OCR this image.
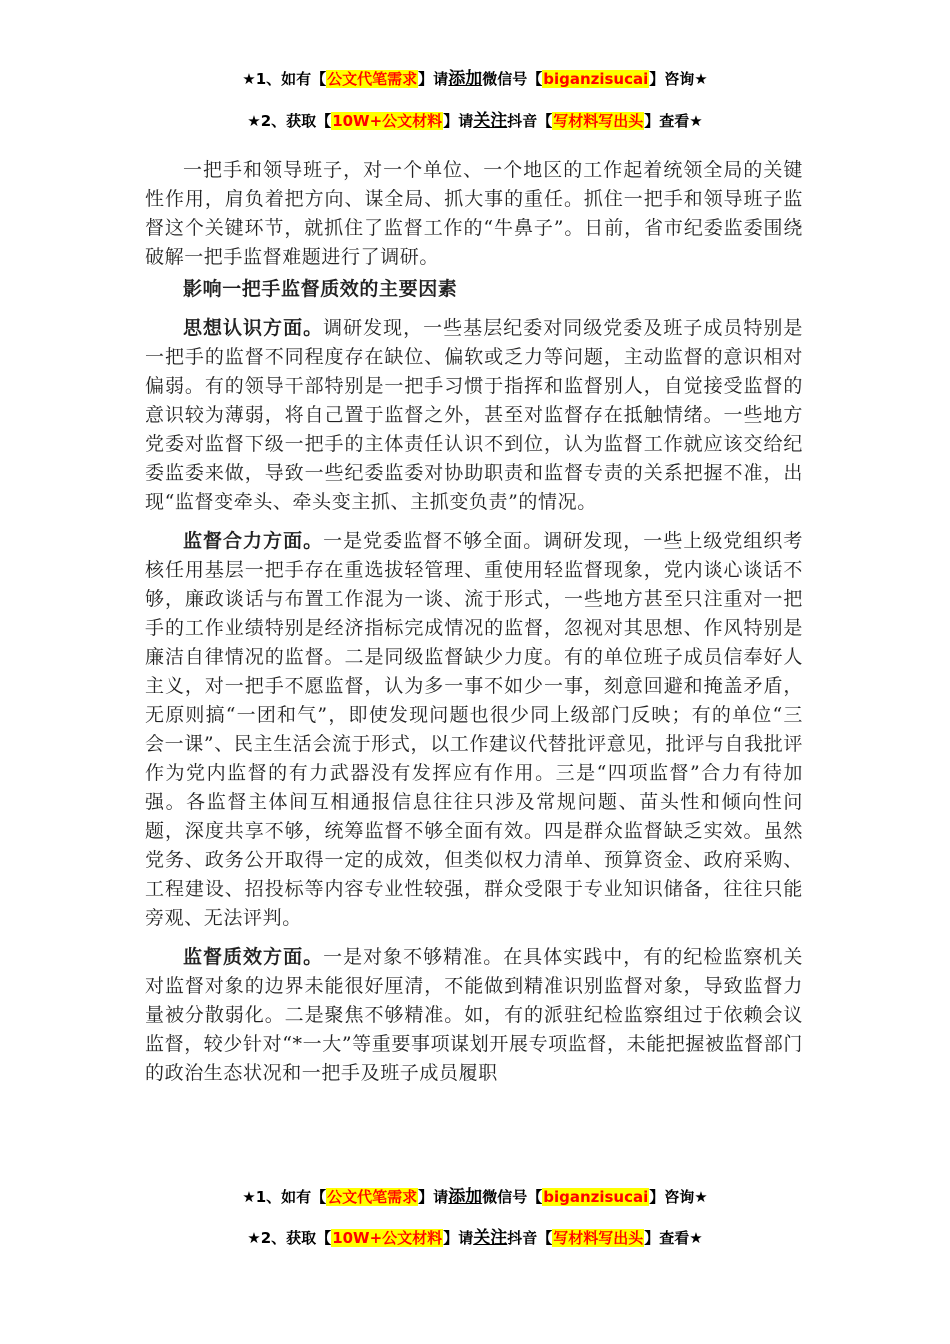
★1、如有【公文代笔需求】请添加微信号【biganzisucai】咨询★
★2、获取【10W+公文材料】请关注抖音【写材料写出头】查看★

一把手和领导班子，对一个单位、一个地区的工作起着统领全局的关键性作用，肩负着把方向、谋全局、抓大事的重任。抓住一把手和领导班子监督这个关键环节，就抓住了监督工作的“牛鼻子”。日前，省市纪委监委围绕破解一把手监督难题进行了调研。

影响一把手监督质效的主要因素

思想认识方面。调研发现，一些基层纪委对同级党委及班子成员特别是一把手的监督不同程度存在缺位、偏软或乏力等问题，主动监督的意识相对偏弱。有的领导干部特别是一把手习惯于指挥和监督别人，自觉接受监督的意识较为薄弱，将自己置于监督之外，甚至对监督存在抵触情绪。一些地方党委对监督下级一把手的主体责任认识不到位，认为监督工作就应该交给纪委监委来做，导致一些纪委监委对协助职责和监督专责的关系把握不准，出现“监督变牵头、牵头变主抓、主抓变负责”的情况。

监督合力方面。一是党委监督不够全面。调研发现，一些上级党组织考核任用基层一把手存在重选拔轻管理、重使用轻监督现象，党内谈心谈话不够，廉政谈话与布置工作混为一谈、流于形式，一些地方甚至只注重对一把手的工作业绩特别是经济指标完成情况的监督，忽视对其思想、作风特别是廉洁自律情况的监督。二是同级监督缺少力度。有的单位班子成员信奉好人主义，对一把手不愿监督，认为多一事不如少一事，刻意回避和掩盖矛盾，无原则搞“一团和气”，即使发现问题也很少同上级部门反映；有的单位“三会一课”、民主生活会流于形式，以工作建议代替批评意见，批评与自我批评作为党内监督的有力武器没有发挥应有作用。三是“四项监督”合力有待加强。各监督主体间互相通报信息往往只涉及常规问题、苗头性和倾向性问题，深度共享不够，统筹监督不够全面有效。四是群众监督缺乏实效。虽然党务、政务公开取得一定的成效，但类似权力清单、预算资金、政府采购、工程建设、招投标等内容专业性较强，群众受限于专业知识储备，往往只能旁观、无法评判。

监督质效方面。一是对象不够精准。在具体实践中，有的纪检监察机关对监督对象的边界未能很好厘清，不能做到精准识别监督对象，导致监督力量被分散弱化。二是聚焦不够精准。如，有的派驻纪检监察组过于依赖会议监督，较少针对“*一大”等重要事项谋划开展专项监督，未能把握被监督部门的政治生态状况和一把手及班子成员履职

★1、如有【公文代笔需求】请添加微信号【biganzisucai】咨询★
★2、获取【10W+公文材料】请关注抖音【写材料写出头】查看★
